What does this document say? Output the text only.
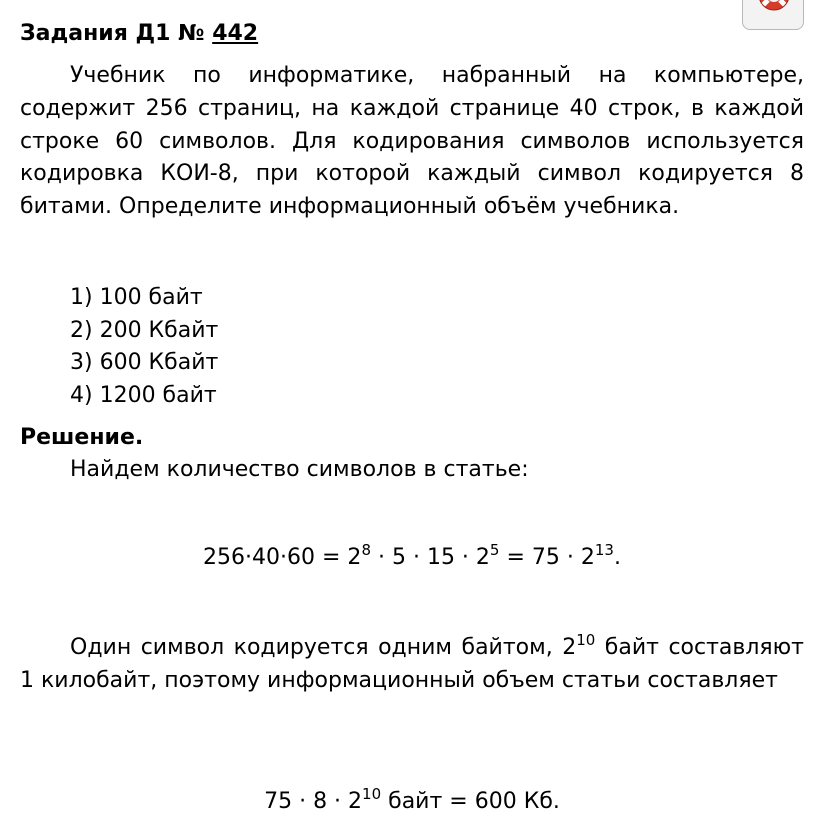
Задания Д1 № 442
Учебник по информатике, набранный на компьютере, содержит 256 страниц, на каждой странице 40 строк, в каждой строке 60 символов. Для кодирования символов используется кодировка КОИ-8, при которой каждый символ кодируется 8 битами. Определите информационный объём учебника.
1) 100 байт
2) 200 Кбайт
3) 600 Кбайт
4) 1200 байт
Решение.
Найдем количество символов в статье:
$256\cdot 40\cdot 60 = 2^8 \cdot 5 \cdot 15 \cdot 2^5 = 75 \cdot 2^{13}$.
Один символ кодируется одним байтом, $2^{10}$ байт составляют 1 килобайт, поэтому информационный объем статьи составляет
$75 \cdot 8 \cdot 2^{10}$ байт = 600 Кб.
